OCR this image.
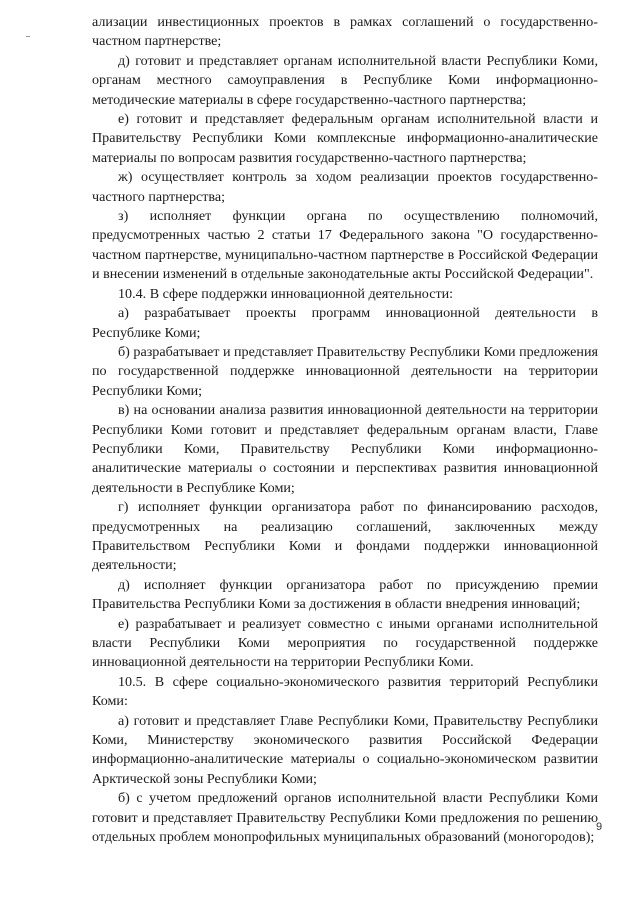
ализации инвестиционных проектов в рамках соглашений о государственно-частном партнерстве;

д) готовит и представляет органам исполнительной власти Республики Коми, органам местного самоуправления в Республике Коми информационно-методические материалы в сфере государственно-частного партнерства;

е) готовит и представляет федеральным органам исполнительной власти и Правительству Республики Коми комплексные информационно-аналитические материалы по вопросам развития государственно-частного партнерства;

ж) осуществляет контроль за ходом реализации проектов государственно-частного партнерства;

з) исполняет функции органа по осуществлению полномочий, предусмотренных частью 2 статьи 17 Федерального закона "О государственно-частном партнерстве, муниципально-частном партнерстве в Российской Федерации и внесении изменений в отдельные законодательные акты Российской Федерации".

10.4. В сфере поддержки инновационной деятельности:

а) разрабатывает проекты программ инновационной деятельности в Республике Коми;

б) разрабатывает и представляет Правительству Республики Коми предложения по государственной поддержке инновационной деятельности на территории Республики Коми;

в) на основании анализа развития инновационной деятельности на территории Республики Коми готовит и представляет федеральным органам власти, Главе Республики Коми, Правительству Республики Коми информационно-аналитические материалы о состоянии и перспективах развития инновационной деятельности в Республике Коми;

г) исполняет функции организатора работ по финансированию расходов, предусмотренных на реализацию соглашений, заключенных между Правительством Республики Коми и фондами поддержки инновационной деятельности;

д) исполняет функции организатора работ по присуждению премии Правительства Республики Коми за достижения в области внедрения инноваций;

е) разрабатывает и реализует совместно с иными органами исполнительной власти Республики Коми мероприятия по государственной поддержке инновационной деятельности на территории Республики Коми.

10.5. В сфере социально-экономического развития территорий Республики Коми:

а) готовит и представляет Главе Республики Коми, Правительству Республики Коми, Министерству экономического развития Российской Федерации информационно-аналитические материалы о социально-экономическом развитии Арктической зоны Республики Коми;

б) с учетом предложений органов исполнительной власти Республики Коми готовит и представляет Правительству Республики Коми предложения по решению отдельных проблем монопрофильных муниципальных образований (моногородов);

9
